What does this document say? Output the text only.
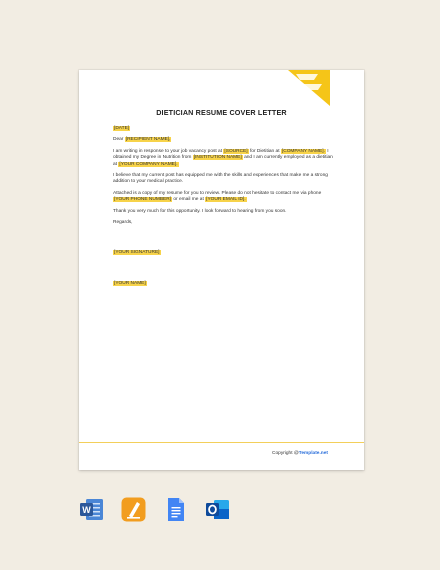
DIETICIAN RESUME COVER LETTER

[DATE]

Dear [RECIPIENT NAME],

I am writing in response to your job vacancy post at [SOURCE] for Dietitian at [COMPANY NAME]. I obtained my Degree in Nutrition from [INSTITUTION NAME] and I am currently employed as a dietitian at [YOUR COMPANY NAME].

I believe that my current post has equipped me with the skills and experiences that make me a strong addition to your medical practice.

Attached is a copy of my resume for you to review. Please do not hesitate to contact me via phone [YOUR PHONE NUMBER] or email me at [YOUR EMAIL ID].

Thank you very much for this opportunity. I look forward to hearing from you soon.

Regards,

[YOUR SIGNATURE]

[YOUR NAME]

Copyright @Template.net
W
